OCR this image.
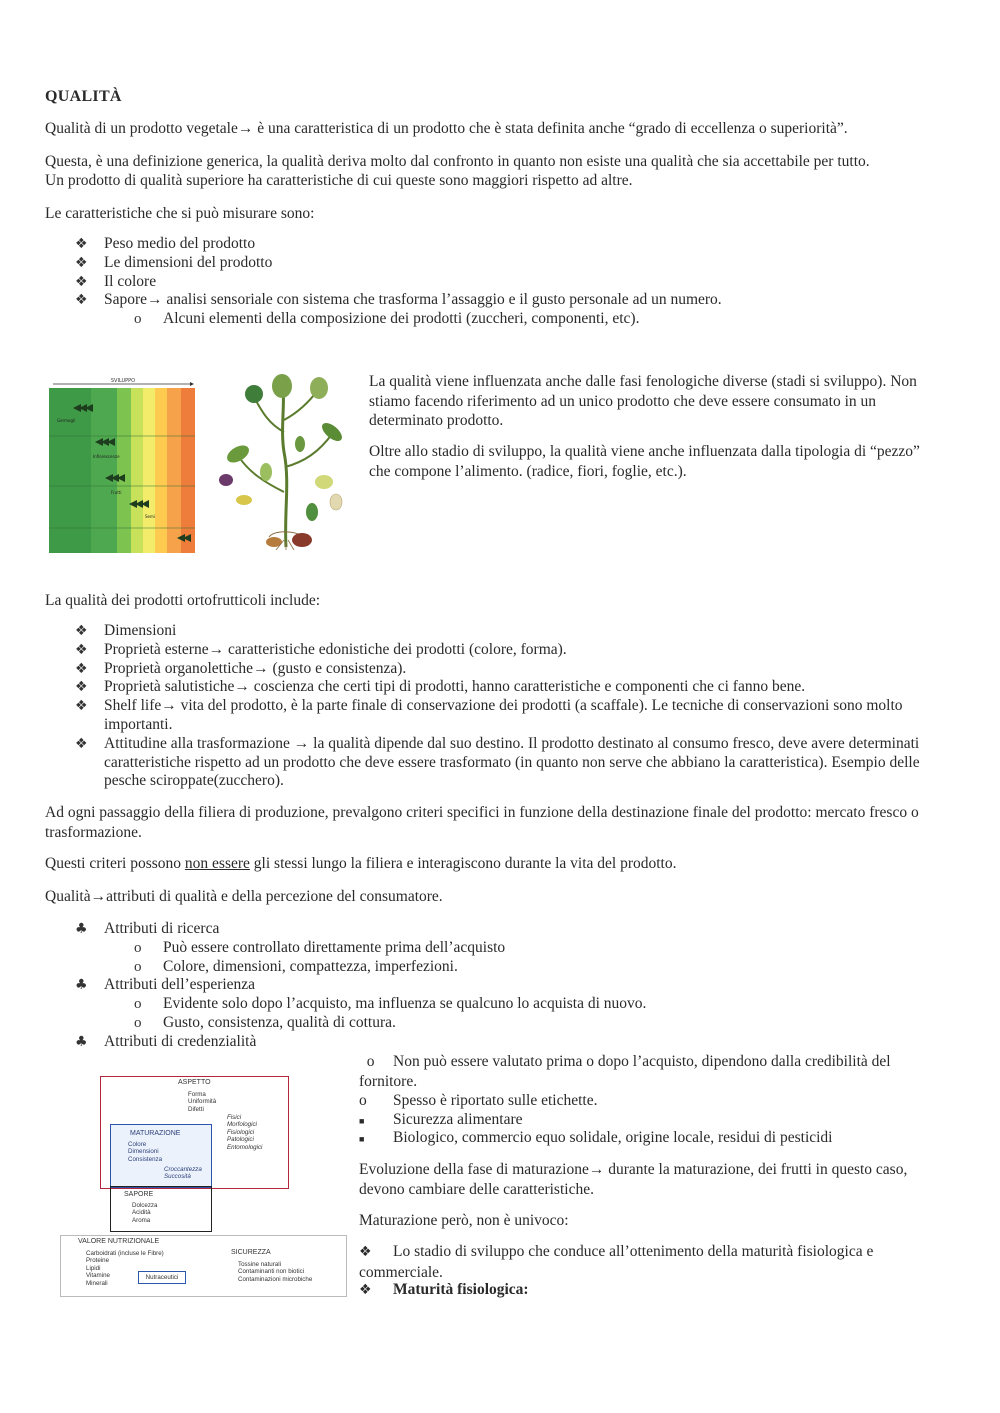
QUALITÀ
Qualità di un prodotto vegetale→ è una caratteristica di un prodotto che è stata definita anche “grado di eccellenza o superiorità”.
Questa, è una definizione generica, la qualità deriva molto dal confronto in quanto non esiste una qualità che sia accettabile per tutto.
Un prodotto di qualità superiore ha caratteristiche di cui queste sono maggiori rispetto ad altre.
Le caratteristiche che si può misurare sono:
❖	Peso medio del prodotto
❖	Le dimensioni del prodotto
❖	Il colore
❖	Sapore→ analisi sensoriale con sistema che trasforma l’assaggio e il gusto personale ad un numero.
o	Alcuni elementi della composizione dei prodotti (zuccheri, componenti, etc).
SVILUPPO
Germogli
Infiorescenze
Frutti
Semi
La qualità viene influenzata anche dalle fasi fenologiche diverse (stadi si sviluppo). Non stiamo facendo riferimento ad un unico prodotto che deve essere consumato in un determinato prodotto.
Oltre allo stadio di sviluppo, la qualità viene anche influenzata dalla tipologia di “pezzo” che compone l’alimento. (radice, fiori, foglie, etc.).
La qualità dei prodotti ortofrutticoli include:
❖	Dimensioni
❖	Proprietà esterne→ caratteristiche edonistiche dei prodotti (colore, forma).
❖	Proprietà organolettiche→ (gusto e consistenza).
❖	Proprietà salutistiche→ coscienza che certi tipi di prodotti, hanno caratteristiche e componenti che ci fanno bene.
❖	Shelf life→ vita del prodotto, è la parte finale di conservazione dei prodotti (a scaffale). Le tecniche di conservazioni sono molto importanti.
❖	Attitudine alla trasformazione → la qualità dipende dal suo destino. Il prodotto destinato al consumo fresco, deve avere determinati caratteristiche rispetto ad un prodotto che deve essere trasformato (in quanto non serve che abbiano la caratteristica). Esempio delle pesche sciroppate(zucchero).
Ad ogni passaggio della filiera di produzione, prevalgono criteri specifici in funzione della destinazione finale del prodotto: mercato fresco o trasformazione.
Questi criteri possono non essere gli stessi lungo la filiera e interagiscono durante la vita del prodotto.
Qualità→attributi di qualità e della percezione del consumatore.
♣	Attributi di ricerca
o	Può essere controllato direttamente prima dell’acquisto
o	Colore, dimensioni, compattezza, imperfezioni.
♣	Attributi dell’esperienza
o	Evidente solo dopo l’acquisto, ma influenza se qualcuno lo acquista di nuovo.
o	Gusto, consistenza, qualità di cottura.
♣	Attributi di credenzialità
o Non può essere valutato prima o dopo l’acquisto, dipendono dalla credibilità del fornitore.
o Spesso è riportato sulle etichette.
■ Sicurezza alimentare
■ Biologico, commercio equo solidale, origine locale, residui di pesticidi
Evoluzione della fase di maturazione→ durante la maturazione, dei frutti in questo caso, devono cambiare delle caratteristiche.
Maturazione però, non è univoco:
❖ Lo stadio di sviluppo che conduce all’ottenimento della maturità fisiologica e commerciale.
❖ Maturità fisiologica:
ASPETTO
Forma
Uniformità
Difetti
Fisici
Morfologici
Fisiologici
Patologici
Entomologici
MATURAZIONE
Colore
Dimensioni
Consistenza
Croccantezza
Succosità
SAPORE
Dolcezza
Acidità
Aroma
VALORE NUTRIZIONALE
Carboidrati (incluse le Fibre)
Proteine
Lipidi
Vitamine
Minerali
Nutraceutici
SICUREZZA
Tossine naturali
Contaminanti non biotici
Contaminazioni microbiche
